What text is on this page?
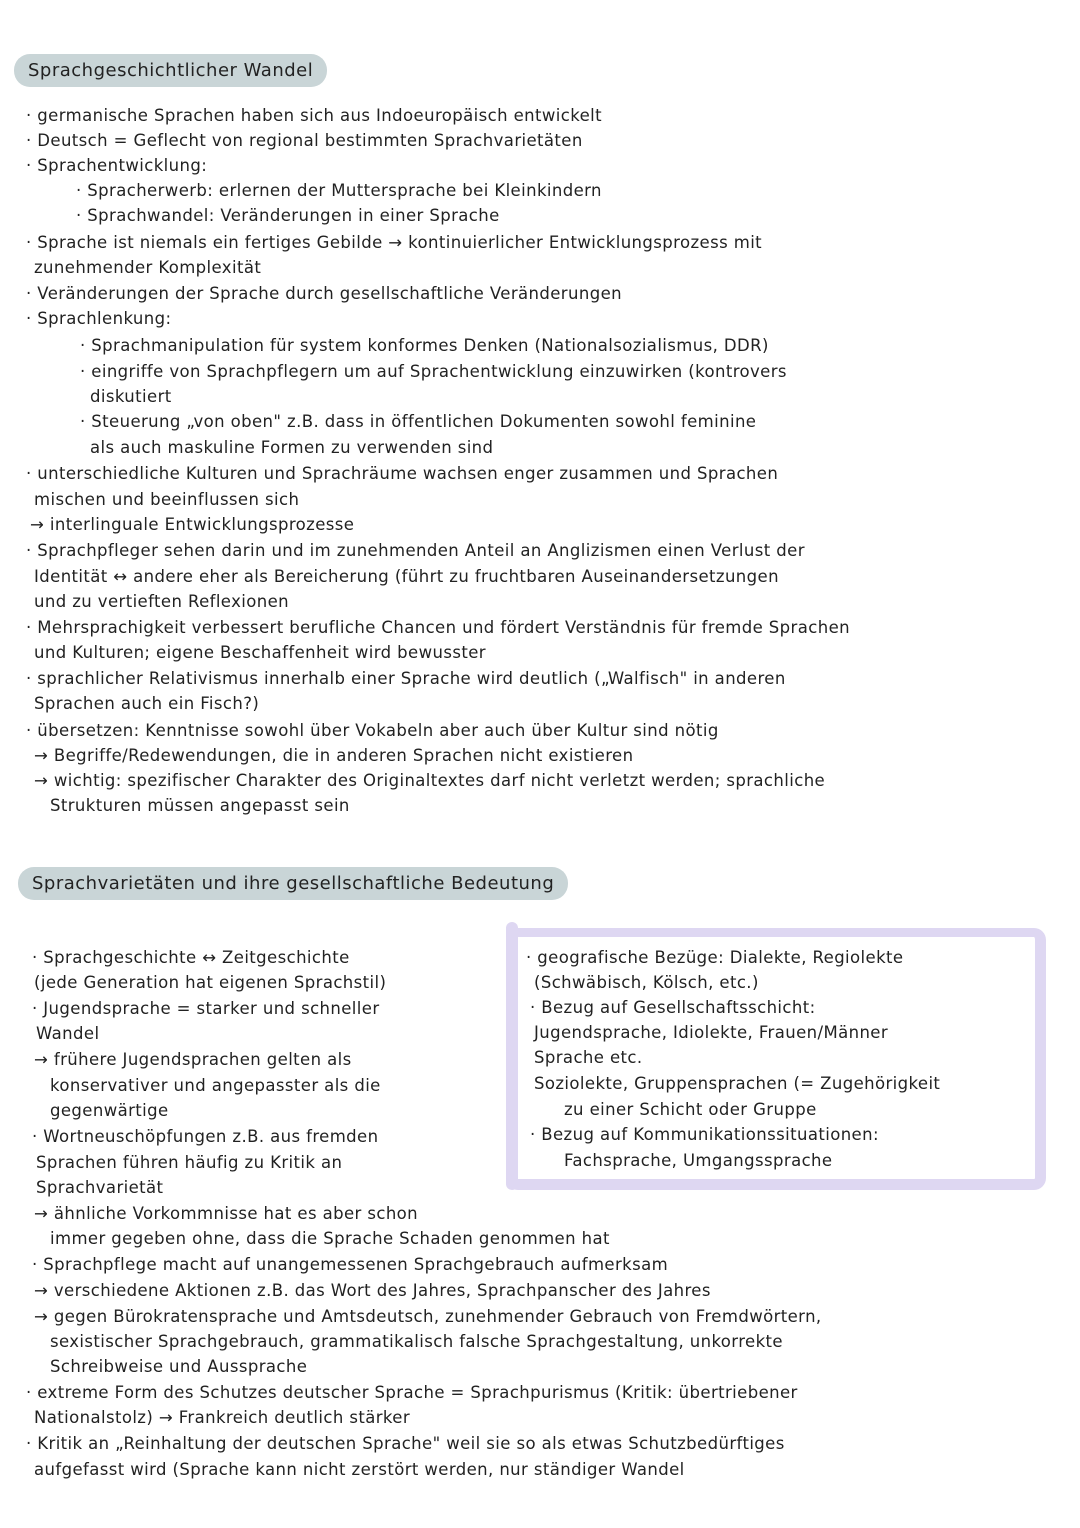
Sprachgeschichtlicher Wandel
· germanische Sprachen haben sich aus Indoeuropäisch entwickelt
· Deutsch = Geflecht von regional bestimmten Sprachvarietäten
· Sprachentwicklung:
· Spracherwerb: erlernen der Muttersprache bei Kleinkindern
· Sprachwandel: Veränderungen in einer Sprache
· Sprache ist niemals ein fertiges Gebilde → kontinuierlicher Entwicklungsprozess mit
zunehmender Komplexität
· Veränderungen der Sprache durch gesellschaftliche Veränderungen
· Sprachlenkung:
· Sprachmanipulation für system konformes Denken (Nationalsozialismus, DDR)
· eingriffe von Sprachpflegern um auf Sprachentwicklung einzuwirken (kontrovers
diskutiert
· Steuerung „von oben" z.B. dass in öffentlichen Dokumenten sowohl feminine
als auch maskuline Formen zu verwenden sind
· unterschiedliche Kulturen und Sprachräume wachsen enger zusammen und Sprachen
mischen und beeinflussen sich
→ interlinguale Entwicklungsprozesse
· Sprachpfleger sehen darin und im zunehmenden Anteil an Anglizismen einen Verlust der
Identität ↔ andere eher als Bereicherung (führt zu fruchtbaren Auseinandersetzungen
und zu vertieften Reflexionen
· Mehrsprachigkeit verbessert berufliche Chancen und fördert Verständnis für fremde Sprachen
und Kulturen; eigene Beschaffenheit wird bewusster
· sprachlicher Relativismus innerhalb einer Sprache wird deutlich („Walfisch" in anderen
Sprachen auch ein Fisch?)
· übersetzen: Kenntnisse sowohl über Vokabeln aber auch über Kultur sind nötig
→ Begriffe/Redewendungen, die in anderen Sprachen nicht existieren
→ wichtig: spezifischer Charakter des Originaltextes darf nicht verletzt werden; sprachliche
Strukturen müssen angepasst sein
Sprachvarietäten und ihre gesellschaftliche Bedeutung
· Sprachgeschichte ↔ Zeitgeschichte
(jede Generation hat eigenen Sprachstil)
· Jugendsprache = starker und schneller
Wandel
→ frühere Jugendsprachen gelten als
konservativer und angepasster als die
gegenwärtige
· Wortneuschöpfungen z.B. aus fremden
Sprachen führen häufig zu Kritik an
Sprachvarietät
· geografische Bezüge: Dialekte, Regiolekte
(Schwäbisch, Kölsch, etc.)
· Bezug auf Gesellschaftsschicht:
Jugendsprache, Idiolekte, Frauen/Männer
Sprache etc.
Soziolekte, Gruppensprachen (= Zugehörigkeit
zu einer Schicht oder Gruppe
· Bezug auf Kommunikationssituationen:
Fachsprache, Umgangssprache
→ ähnliche Vorkommnisse hat es aber schon
immer gegeben ohne, dass die Sprache Schaden genommen hat
· Sprachpflege macht auf unangemessenen Sprachgebrauch aufmerksam
→ verschiedene Aktionen z.B. das Wort des Jahres, Sprachpanscher des Jahres
→ gegen Bürokratensprache und Amtsdeutsch, zunehmender Gebrauch von Fremdwörtern,
sexistischer Sprachgebrauch, grammatikalisch falsche Sprachgestaltung, unkorrekte
Schreibweise und Aussprache
· extreme Form des Schutzes deutscher Sprache = Sprachpurismus (Kritik: übertriebener
Nationalstolz) → Frankreich deutlich stärker
· Kritik an „Reinhaltung der deutschen Sprache" weil sie so als etwas Schutzbedürftiges
aufgefasst wird (Sprache kann nicht zerstört werden, nur ständiger Wandel
